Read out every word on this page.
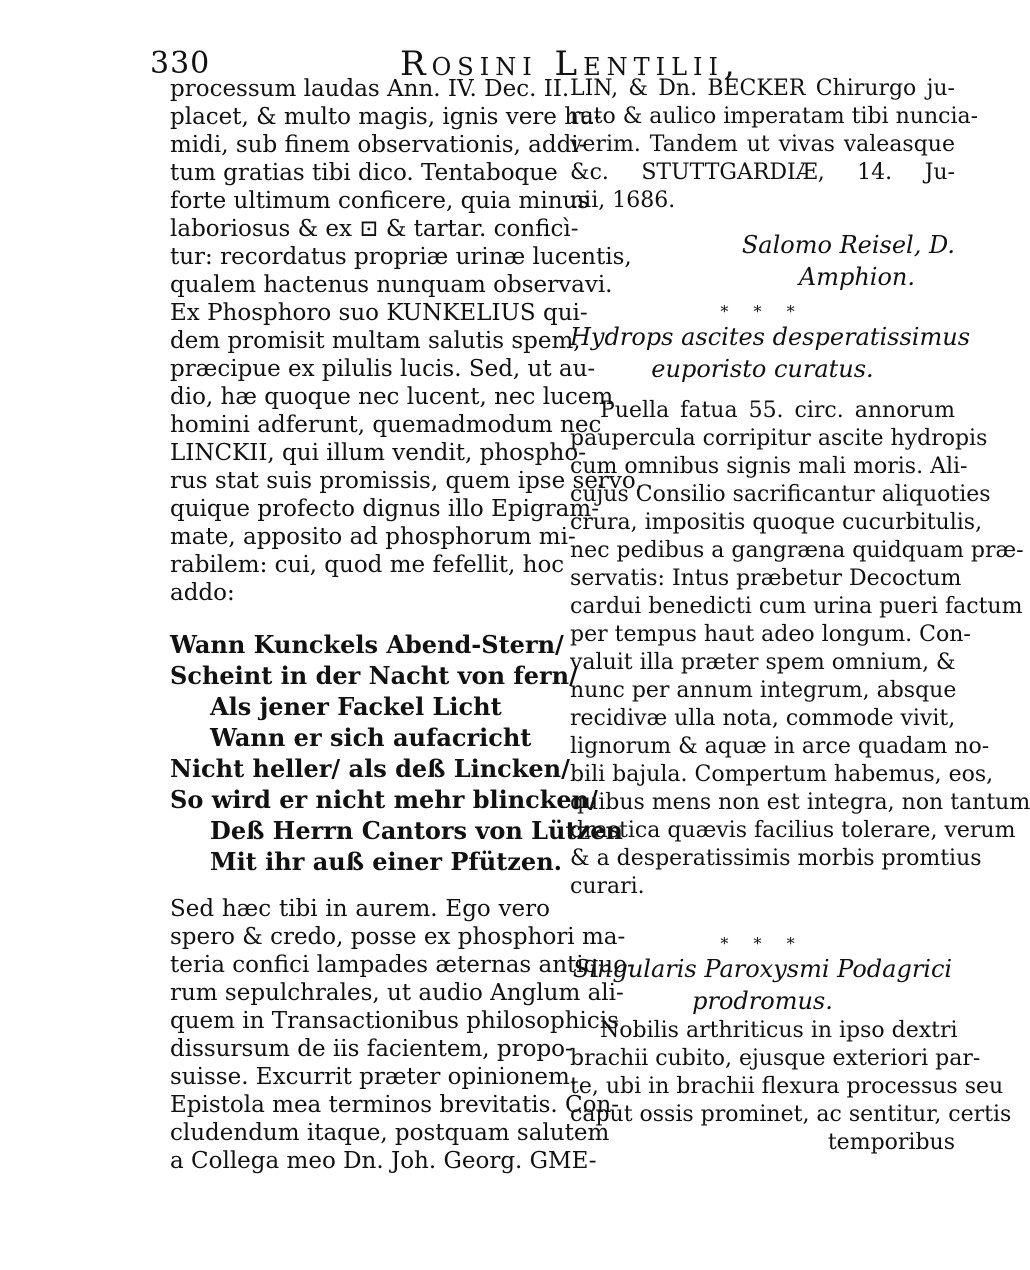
330	Rosini Lentilii,
processum laudas Ann. IV. Dec. II.
placet, & multo magis, ignis vere hu-
midi, sub finem observationis, addi-
tum gratias tibi dico. Tentaboque
forte ultimum conficere, quia minus
laboriosus & ex ⊡ & tartar. conficì-
tur: recordatus propriæ urinæ lucentis,
qualem hactenus nunquam observavi.
Ex Phosphoro suo KUNKELIUS qui-
dem promisit multam salutis spem,
præcipue ex pilulis lucis. Sed, ut au-
dio, hæ quoque nec lucent, nec lucem
homini adferunt, quemadmodum nec
LINCKII, qui illum vendit, phospho-
rus stat suis promissis, quem ipse servo,
quique profecto dignus illo Epigram-
mate, apposito ad phosphorum mi-
rabilem: cui, quod me fefellit, hoc
addo:
Wann Kunckels Abend-Stern/
Scheint in der Nacht von fern/
Als jener Fackel Licht
Wann er sich aufacricht
Nicht heller/ als deß Lincken/
So wird er nicht mehr blincken/
Deß Herrn Cantors von Lützen
Mit ihr auß einer Pfützen.
Sed hæc tibi in aurem. Ego vero
spero & credo, posse ex phosphori ma-
teria confici lampades æternas antiquo-
rum sepulchrales, ut audio Anglum ali-
quem in Transactionibus philosophicis
dissursum de iis facientem, propo-
suisse. Excurrit præter opinionem.
Epistola mea terminos brevitatis. Con-
cludendum itaque, postquam salutem
a Collega meo Dn. Joh. Georg. GME-
LIN, & Dn. BECKER Chirurgo ju-
rato & aulico imperatam tibi nuncia-
verim. Tandem ut vivas valeasque
&c. STUTTGARDIÆ, 14. Ju-
nii, 1686.
Salomo Reisel, D.
Amphion.
* * *
Hydrops ascites desperatissimus
euporisto curatus.
Puella fatua 55. circ. annorum
paupercula corripitur ascite hydropis
cum omnibus signis mali moris. Ali-
cujus Consilio sacrificantur aliquoties
crura, impositis quoque cucurbitulis,
nec pedibus a gangræna quidquam præ-
servatis: Intus præbetur Decoctum
cardui benedicti cum urina pueri factum
per tempus haut adeo longum. Con-
valuit illa præter spem omnium, &
nunc per annum integrum, absque
recidivæ ulla nota, commode vivit,
lignorum & aquæ in arce quadam no-
bili bajula. Compertum habemus, eos,
quibus mens non est integra, non tantum
drastica quævis facilius tolerare, verum
& a desperatissimis morbis promtius
curari.
* * *
Singularis Paroxysmi Podagrici
prodromus.
Nobilis arthriticus in ipso dextri
brachii cubito, ejusque exteriori par-
te, ubi in brachii flexura processus seu
caput ossis prominet, ac sentitur, certis
temporibus
